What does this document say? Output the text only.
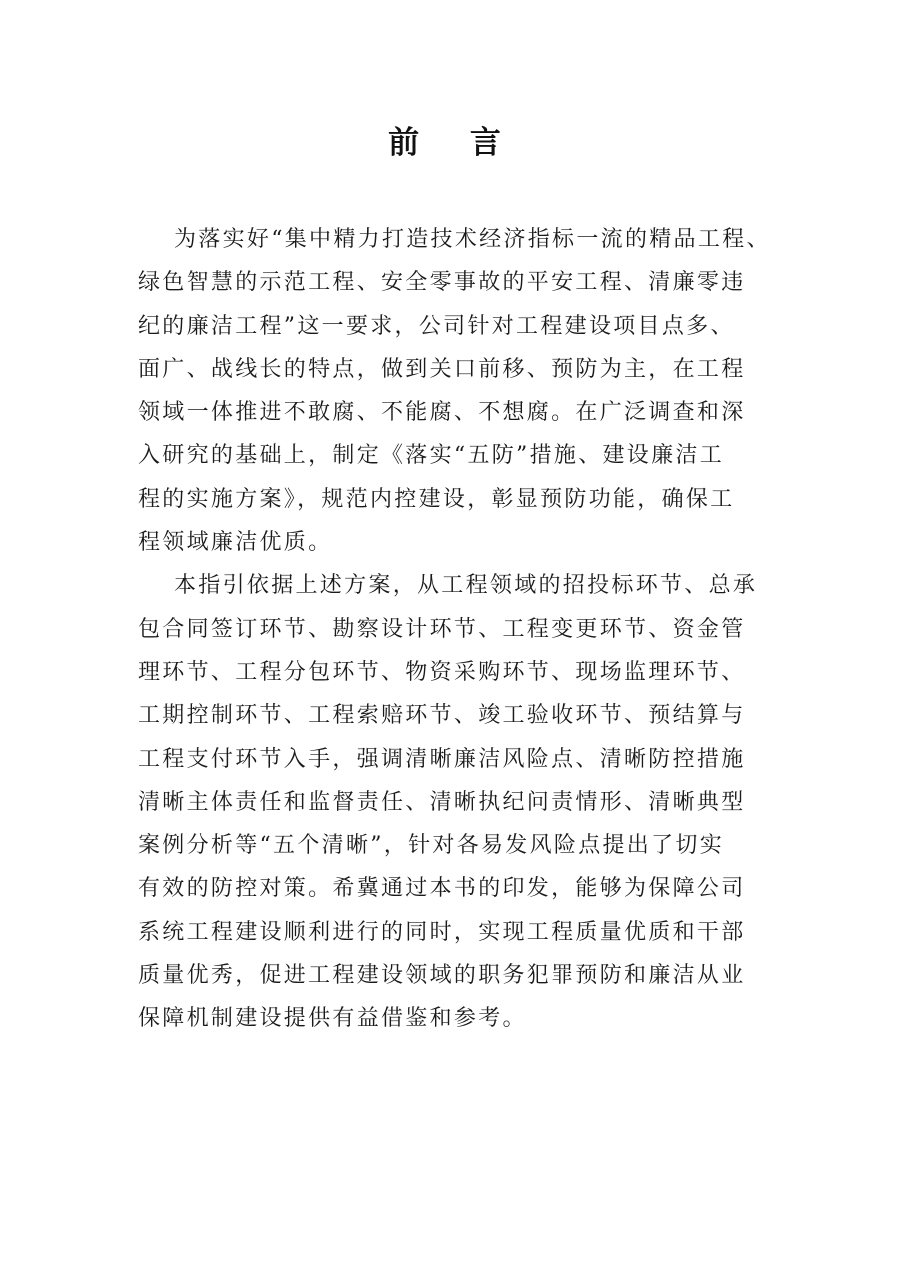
前 言
为落实好“集中精力打造技术经济指标一流的精品工程、
绿色智慧的示范工程、安全零事故的平安工程、清廉零违
纪的廉洁工程”这一要求，公司针对工程建设项目点多、
面广、战线长的特点，做到关口前移、预防为主，在工程
领域一体推进不敢腐、不能腐、不想腐。在广泛调查和深
入研究的基础上，制定《落实“五防”措施、建设廉洁工
程的实施方案》，规范内控建设，彰显预防功能，确保工
程领域廉洁优质。
本指引依据上述方案，从工程领域的招投标环节、总承
包合同签订环节、勘察设计环节、工程变更环节、资金管
理环节、工程分包环节、物资采购环节、现场监理环节、
工期控制环节、工程索赔环节、竣工验收环节、预结算与
工程支付环节入手，强调清晰廉洁风险点、清晰防控措施
清晰主体责任和监督责任、清晰执纪问责情形、清晰典型
案例分析等“五个清晰”，针对各易发风险点提出了切实
有效的防控对策。希冀通过本书的印发，能够为保障公司
系统工程建设顺利进行的同时，实现工程质量优质和干部
质量优秀，促进工程建设领域的职务犯罪预防和廉洁从业
保障机制建设提供有益借鉴和参考。
